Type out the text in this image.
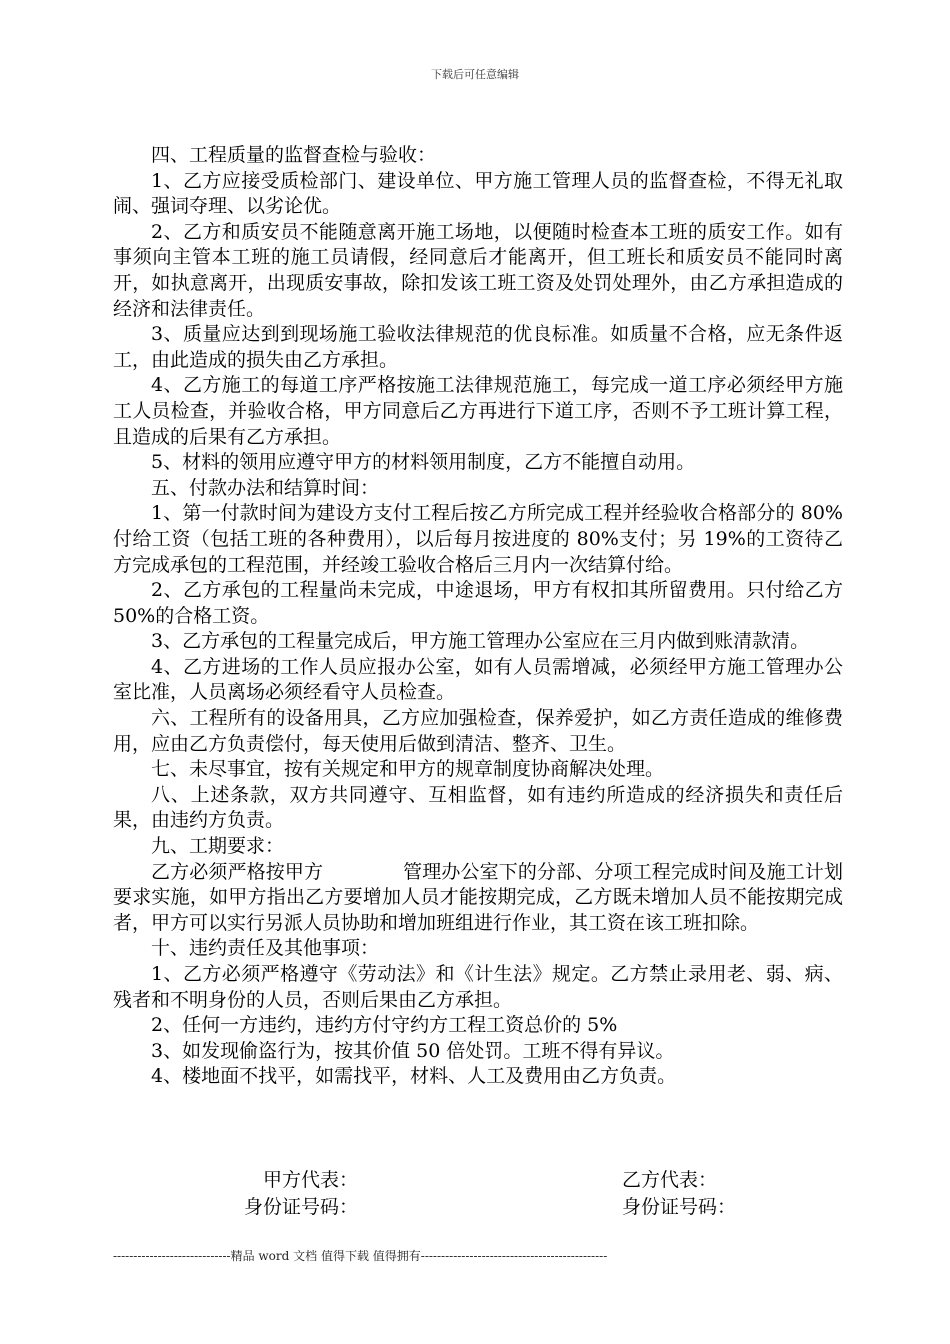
下载后可任意编辑

四、工程质量的监督查检与验收：

1、乙方应接受质检部门、建设单位、甲方施工管理人员的监督查检，不得无礼取闹、强词夺理、以劣论优。

2、乙方和质安员不能随意离开施工场地，以便随时检查本工班的质安工作。如有事须向主管本工班的施工员请假，经同意后才能离开，但工班长和质安员不能同时离开，如执意离开，出现质安事故，除扣发该工班工资及处罚处理外，由乙方承担造成的经济和法律责任。

3、质量应达到到现场施工验收法律规范的优良标准。如质量不合格，应无条件返工，由此造成的损失由乙方承担。

4、乙方施工的每道工序严格按施工法律规范施工，每完成一道工序必须经甲方施工人员检查，并验收合格，甲方同意后乙方再进行下道工序，否则不予工班计算工程，且造成的后果有乙方承担。

5、材料的领用应遵守甲方的材料领用制度，乙方不能擅自动用。

五、付款办法和结算时间：

1、第一付款时间为建设方支付工程后按乙方所完成工程并经验收合格部分的 80%付给工资（包括工班的各种费用），以后每月按进度的 80%支付；另 19%的工资待乙方完成承包的工程范围，并经竣工验收合格后三月内一次结算付给。

2、乙方承包的工程量尚未完成，中途退场，甲方有权扣其所留费用。只付给乙方 50%的合格工资。

3、乙方承包的工程量完成后，甲方施工管理办公室应在三月内做到账清款清。

4、乙方进场的工作人员应报办公室，如有人员需增减，必须经甲方施工管理办公室比准，人员离场必须经看守人员检查。

六、工程所有的设备用具，乙方应加强检查，保养爱护，如乙方责任造成的维修费用，应由乙方负责偿付，每天使用后做到清洁、整齐、卫生。

七、未尽事宜，按有关规定和甲方的规章制度协商解决处理。

八、上述条款，双方共同遵守、互相监督，如有违约所造成的经济损失和责任后果，由违约方负责。

九、工期要求：

乙方必须严格按甲方	管理办公室下的分部、分项工程完成时间及施工计划要求实施，如甲方指出乙方要增加人员才能按期完成，乙方既未增加人员不能按期完成者，甲方可以实行另派人员协助和增加班组进行作业，其工资在该工班扣除。

十、违约责任及其他事项：

1、乙方必须严格遵守《劳动法》和《计生法》规定。乙方禁止录用老、弱、病、残者和不明身份的人员，否则后果由乙方承担。

2、任何一方违约，违约方付守约方工程工资总价的 5%

3、如发现偷盗行为，按其价值 50 倍处罚。工班不得有异议。

4、楼地面不找平，如需找平，材料、人工及费用由乙方负责。

甲方代表：
身份证号码：
乙方代表：
身份证号码：
-----------------------------精品 word 文档 值得下载 值得拥有----------------------------------------------
